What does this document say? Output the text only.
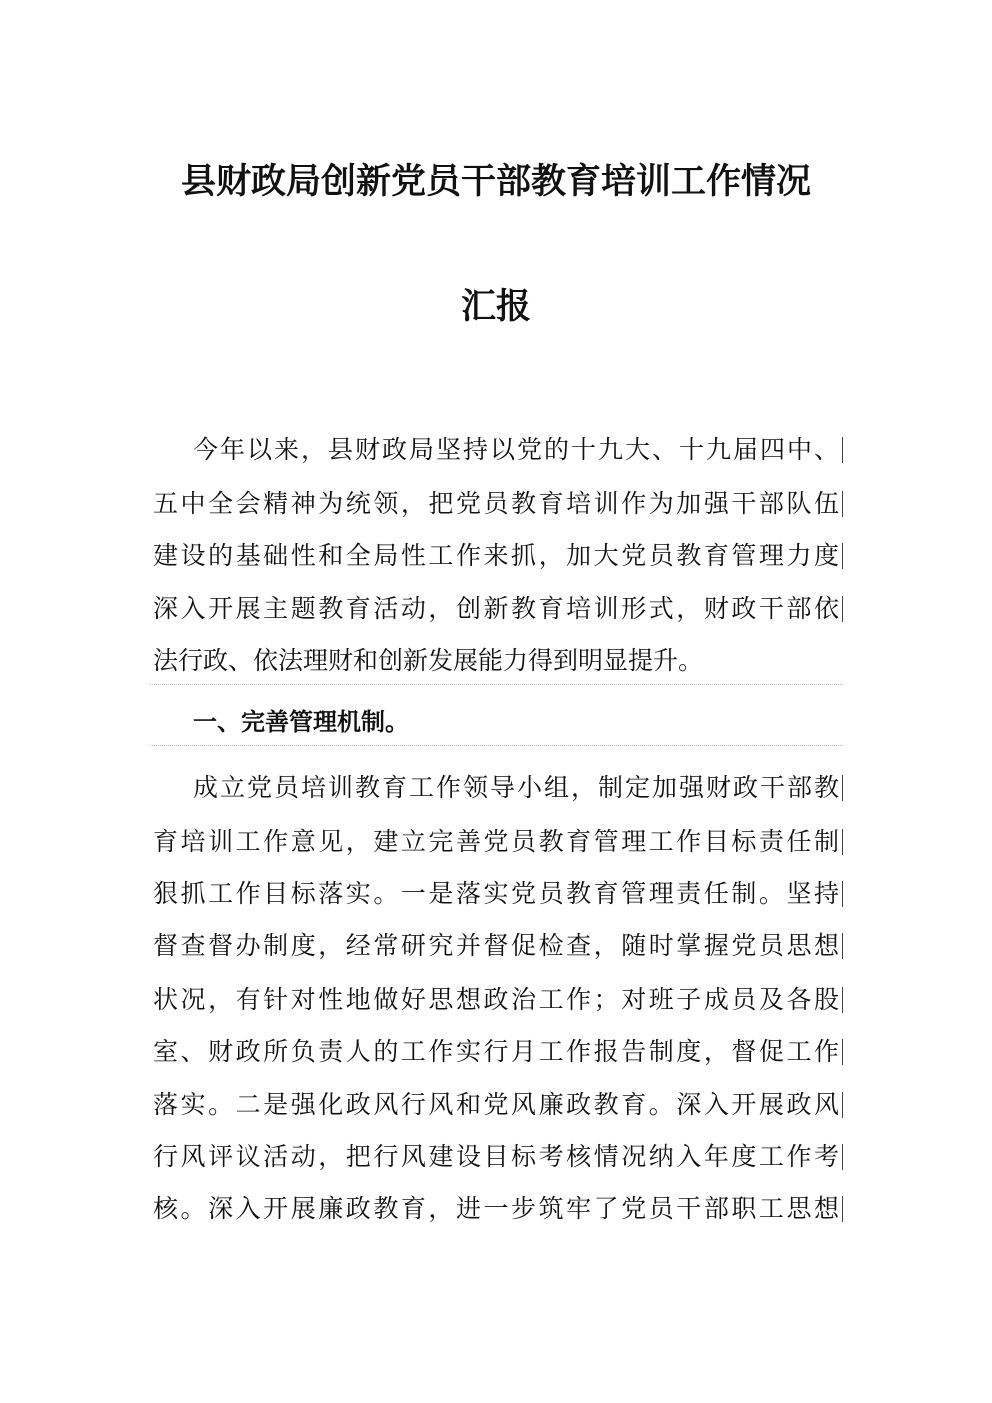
县财政局创新党员干部教育培训工作情况
汇报
今年以来，县财政局坚持以党的十九大、十九届四中、
五中全会精神为统领，把党员教育培训作为加强干部队伍
建设的基础性和全局性工作来抓，加大党员教育管理力度
深入开展主题教育活动，创新教育培训形式，财政干部依
法行政、依法理财和创新发展能力得到明显提升。
一、完善管理机制。
成立党员培训教育工作领导小组，制定加强财政干部教
育培训工作意见，建立完善党员教育管理工作目标责任制
狠抓工作目标落实。一是落实党员教育管理责任制。坚持
督查督办制度，经常研究并督促检查，随时掌握党员思想
状况，有针对性地做好思想政治工作；对班子成员及各股
室、财政所负责人的工作实行月工作报告制度，督促工作
落实。二是强化政风行风和党风廉政教育。深入开展政风
行风评议活动，把行风建设目标考核情况纳入年度工作考
核。深入开展廉政教育，进一步筑牢了党员干部职工思想
